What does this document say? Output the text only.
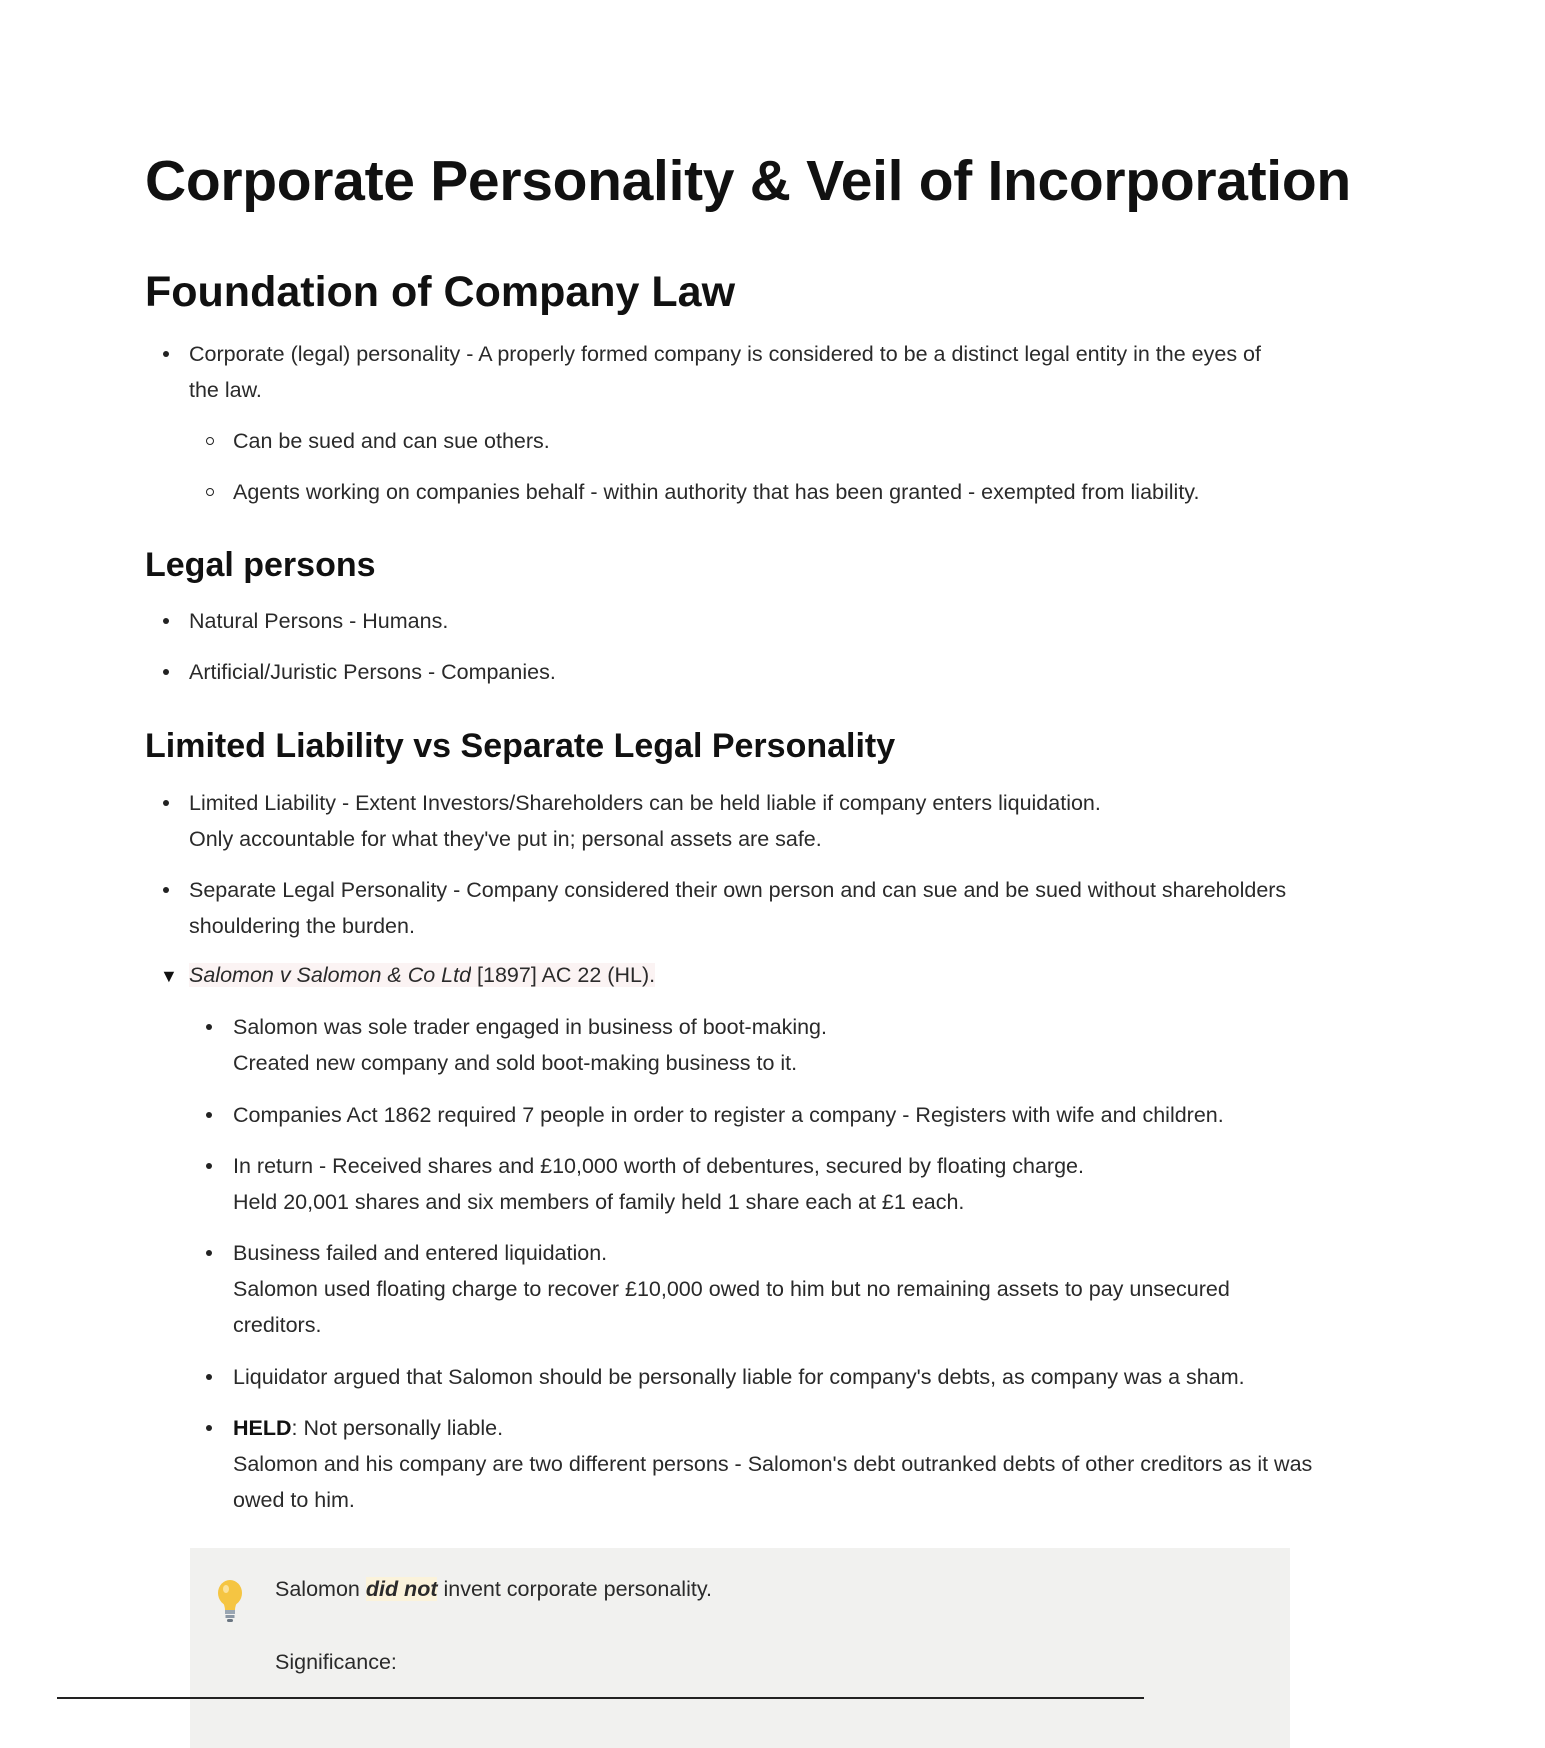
Corporate Personality & Veil of Incorporation
Foundation of Company Law
Corporate (legal) personality - A properly formed company is considered to be a distinct legal entity in the eyes of
the law.
Can be sued and can sue others.
Agents working on companies behalf - within authority that has been granted - exempted from liability.
Legal persons
Natural Persons - Humans.
Artificial/Juristic Persons - Companies.
Limited Liability vs Separate Legal Personality
Limited Liability - Extent Investors/Shareholders can be held liable if company enters liquidation.
Only accountable for what they've put in; personal assets are safe.
Separate Legal Personality - Company considered their own person and can sue and be sued without shareholders
shouldering the burden.
▼ Salomon v Salomon & Co Ltd [1897] AC 22 (HL).
Salomon was sole trader engaged in business of boot-making.
Created new company and sold boot-making business to it.
Companies Act 1862 required 7 people in order to register a company - Registers with wife and children.
In return - Received shares and £10,000 worth of debentures, secured by floating charge.
Held 20,001 shares and six members of family held 1 share each at £1 each.
Business failed and entered liquidation.
Salomon used floating charge to recover £10,000 owed to him but no remaining assets to pay unsecured
creditors.
Liquidator argued that Salomon should be personally liable for company's debts, as company was a sham.
HELD: Not personally liable.
Salomon and his company are two different persons - Salomon's debt outranked debts of other creditors as it was
owed to him.
Salomon did not invent corporate personality.
Significance:
